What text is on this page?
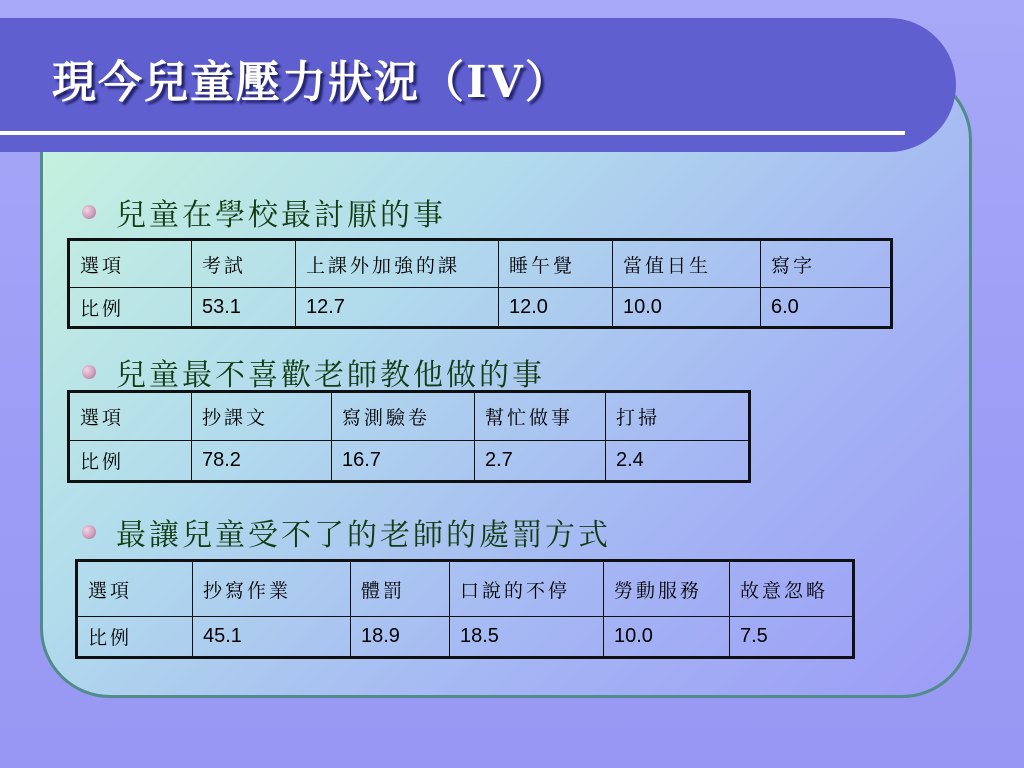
現今兒童壓力狀況（IV）
兒童在學校最討厭的事
選項	考試	上課外加強的課	睡午覺	當值日生	寫字
比例	53.1	12.7	12.0	10.0	6.0
兒童最不喜歡老師教他做的事
選項	抄課文	寫測驗卷	幫忙做事	打掃
比例	78.2	16.7	2.7	2.4
最讓兒童受不了的老師的處罰方式
選項	抄寫作業	體罰	口說的不停	勞動服務	故意忽略
比例	45.1	18.9	18.5	10.0	7.5
